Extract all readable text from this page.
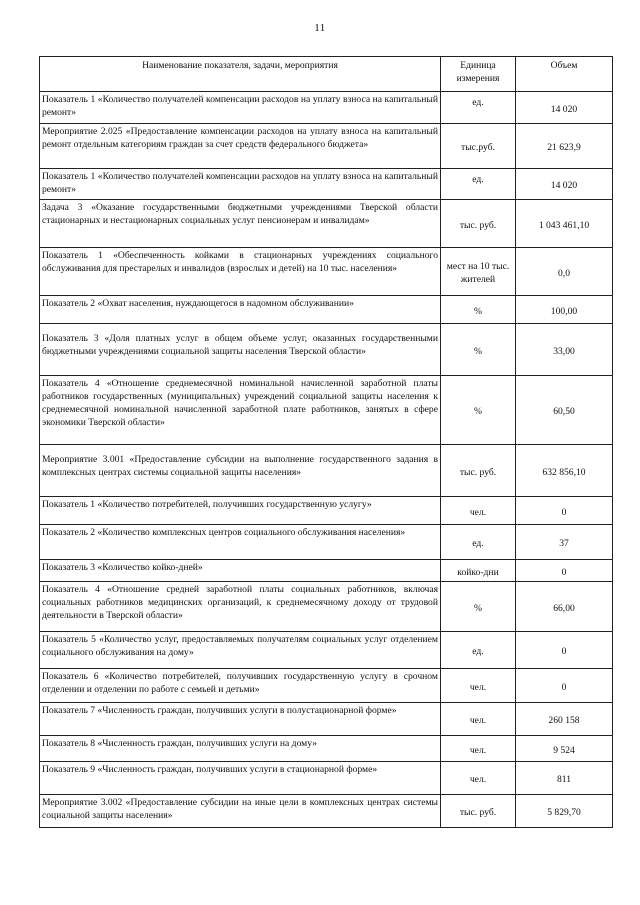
11
Наименование показателя, задачи, мероприятия	Единица измерения	Объем
Показатель 1 «Количество получателей компенсации расходов на уплату взноса на капитальный ремонт»	ед.	14 020
Мероприятие 2.025 «Предоставление компенсации расходов на уплату взноса на капитальный ремонт отдельным категориям граждан за счет средств федерального бюджета»	тыс.руб.	21 623,9
Показатель 1 «Количество получателей компенсации расходов на уплату взноса на капитальный ремонт»	ед.	14 020
Задача 3 «Оказание государственными бюджетными учреждениями Тверской области стационарных и нестационарных социальных услуг пенсионерам и инвалидам»	тыс. руб.	1 043 461,10
Показатель 1 «Обеспеченность койками в стационарных учреждениях социального обслуживания для престарелых и инвалидов (взрослых и детей) на 10 тыс. населения»	мест на 10 тыс. жителей	0,0
Показатель 2 «Охват населения, нуждающегося в надомном обслуживании»	%	100,00

Показатель 3 «Доля платных услуг в общем объеме услуг, оказанных государственными бюджетными учреждениями социальной защиты населения Тверской области»	%	33,00
Показатель 4 «Отношение среднемесячной номинальной начисленной заработной платы работников государственных (муниципальных) учреждений социальной защиты населения к среднемесячной номинальной начисленной заработной плате работников, занятых в сфере экономики Тверской области»	%	60,50

Мероприятие 3.001 «Предоставление субсидии на выполнение государственного задания в комплексных центрах системы социальной защиты населения»	тыс. руб.	632 856,10
Показатель 1 «Количество потребителей, получивших государственную услугу»	чел.	0
Показатель 2 «Количество комплексных центров социального обслуживания населения»	ед.	37
Показатель 3 «Количество койко-дней»	койко-дни	0
Показатель 4 «Отношение средней заработной платы социальных работников, включая социальных работников медицинских организаций, к среднемесячному доходу от трудовой деятельности в Тверской области»	%	66,00
Показатель 5 «Количество услуг, предоставляемых получателям социальных услуг отделением социального обслуживания на дому»	ед.	0
Показатель 6 «Количество потребителей, получивших государственную услугу в срочном отделении и отделении по работе с семьей и детьми»	чел.	0
Показатель 7 «Численность граждан, получивших услуги в полустационарной форме»	чел.	260 158
Показатель 8 «Численность граждан, получивших услуги на дому»	чел.	9 524
Показатель 9 «Численность граждан, получивших услуги в стационарной форме»	чел.	811
Мероприятие 3.002 «Предоставление субсидии на иные цели в комплексных центрах системы социальной защиты населения»	тыс. руб.	5 829,70
